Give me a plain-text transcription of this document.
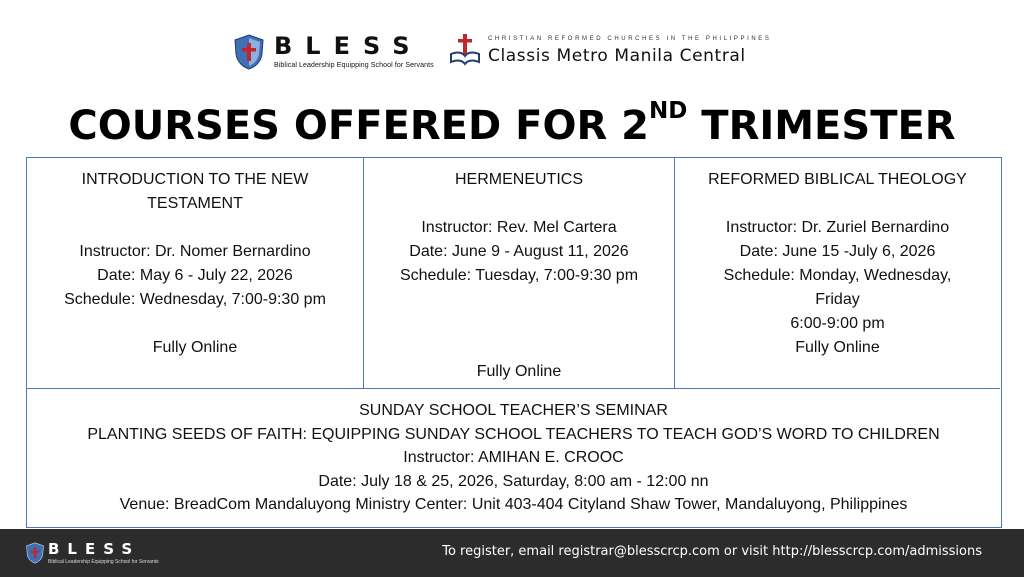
BLESS
Biblical Leadership Equipping School for Servants
CHRISTIAN REFORMED CHURCHES IN THE PHILIPPINES
Classis Metro Manila Central
COURSES OFFERED FOR 2ND TRIMESTER
INTRODUCTION TO THE NEW
TESTAMENT
Instructor: Dr. Nomer Bernardino
Date: May 6 - July 22, 2026
Schedule: Wednesday, 7:00-9:30 pm
Fully Online
HERMENEUTICS
Instructor: Rev. Mel Cartera
Date: June 9 - August 11, 2026
Schedule: Tuesday, 7:00-9:30 pm
Fully Online
REFORMED BIBLICAL THEOLOGY
Instructor: Dr. Zuriel Bernardino
Date: June 15 -July 6, 2026
Schedule: Monday, Wednesday,
Friday
6:00-9:00 pm
Fully Online
SUNDAY SCHOOL TEACHER’S SEMINAR
PLANTING SEEDS OF FAITH: EQUIPPING SUNDAY SCHOOL TEACHERS TO TEACH GOD’S WORD TO CHILDREN
Instructor: AMIHAN E. CROOC
Date: July 18 & 25, 2026, Saturday, 8:00 am - 12:00 nn
Venue: BreadCom Mandaluyong Ministry Center: Unit 403-404 Cityland Shaw Tower, Mandaluyong, Philippines
BLESS
Biblical Leadership Equipping School for Servants
To register, email registrar@blesscrcp.com or visit http://blesscrcp.com/admissions
